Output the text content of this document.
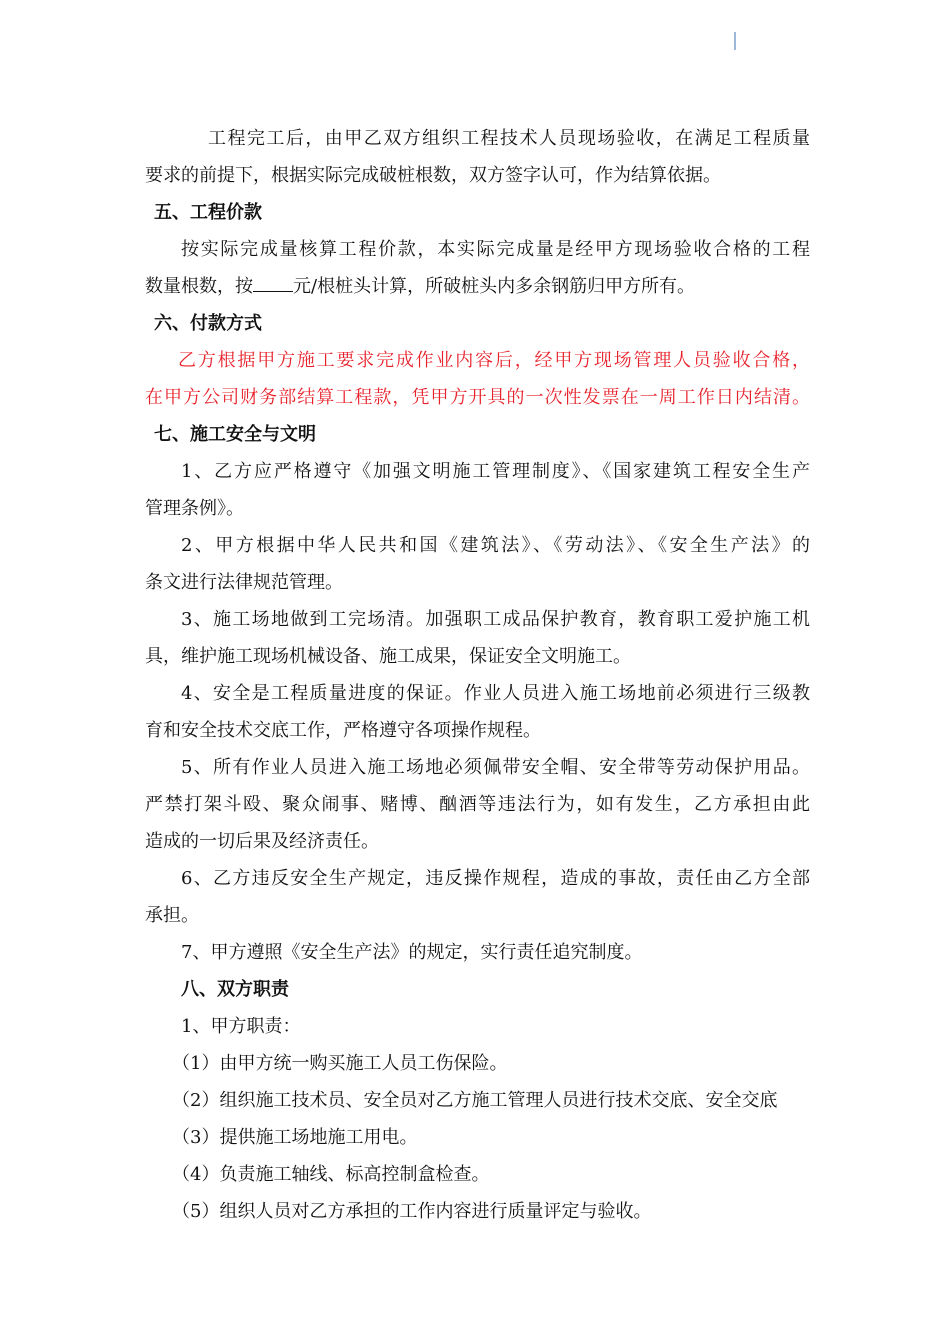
工程完工后，由甲乙双方组织工程技术人员现场验收，在满足工程质量
要求的前提下，根据实际完成破桩根数，双方签字认可，作为结算依据。
五、工程价款
按实际完成量核算工程价款，本实际完成量是经甲方现场验收合格的工程
数量根数，按 元/根桩头计算，所破桩头内多余钢筋归甲方所有。
六、付款方式
乙方根据甲方施工要求完成作业内容后，经甲方现场管理人员验收合格，
在甲方公司财务部结算工程款，凭甲方开具的一次性发票在一周工作日内结清。
七、施工安全与文明
1、乙方应严格遵守《加强文明施工管理制度》、《国家建筑工程安全生产
管理条例》。
2、甲方根据中华人民共和国《建筑法》、《劳动法》、《安全生产法》的
条文进行法律规范管理。
3、施工场地做到工完场清。加强职工成品保护教育，教育职工爱护施工机
具，维护施工现场机械设备、施工成果，保证安全文明施工。
4、安全是工程质量进度的保证。作业人员进入施工场地前必须进行三级教
育和安全技术交底工作，严格遵守各项操作规程。
5、所有作业人员进入施工场地必须佩带安全帽、安全带等劳动保护用品。
严禁打架斗殴、聚众闹事、赌博、酗酒等违法行为，如有发生，乙方承担由此
造成的一切后果及经济责任。
6、乙方违反安全生产规定，违反操作规程，造成的事故，责任由乙方全部
承担。
7、甲方遵照《安全生产法》的规定，实行责任追究制度。
八、双方职责
1、甲方职责：
（1）由甲方统一购买施工人员工伤保险。
（2）组织施工技术员、安全员对乙方施工管理人员进行技术交底、安全交底
（3）提供施工场地施工用电。
（4）负责施工轴线、标高控制盒检查。
（5）组织人员对乙方承担的工作内容进行质量评定与验收。
